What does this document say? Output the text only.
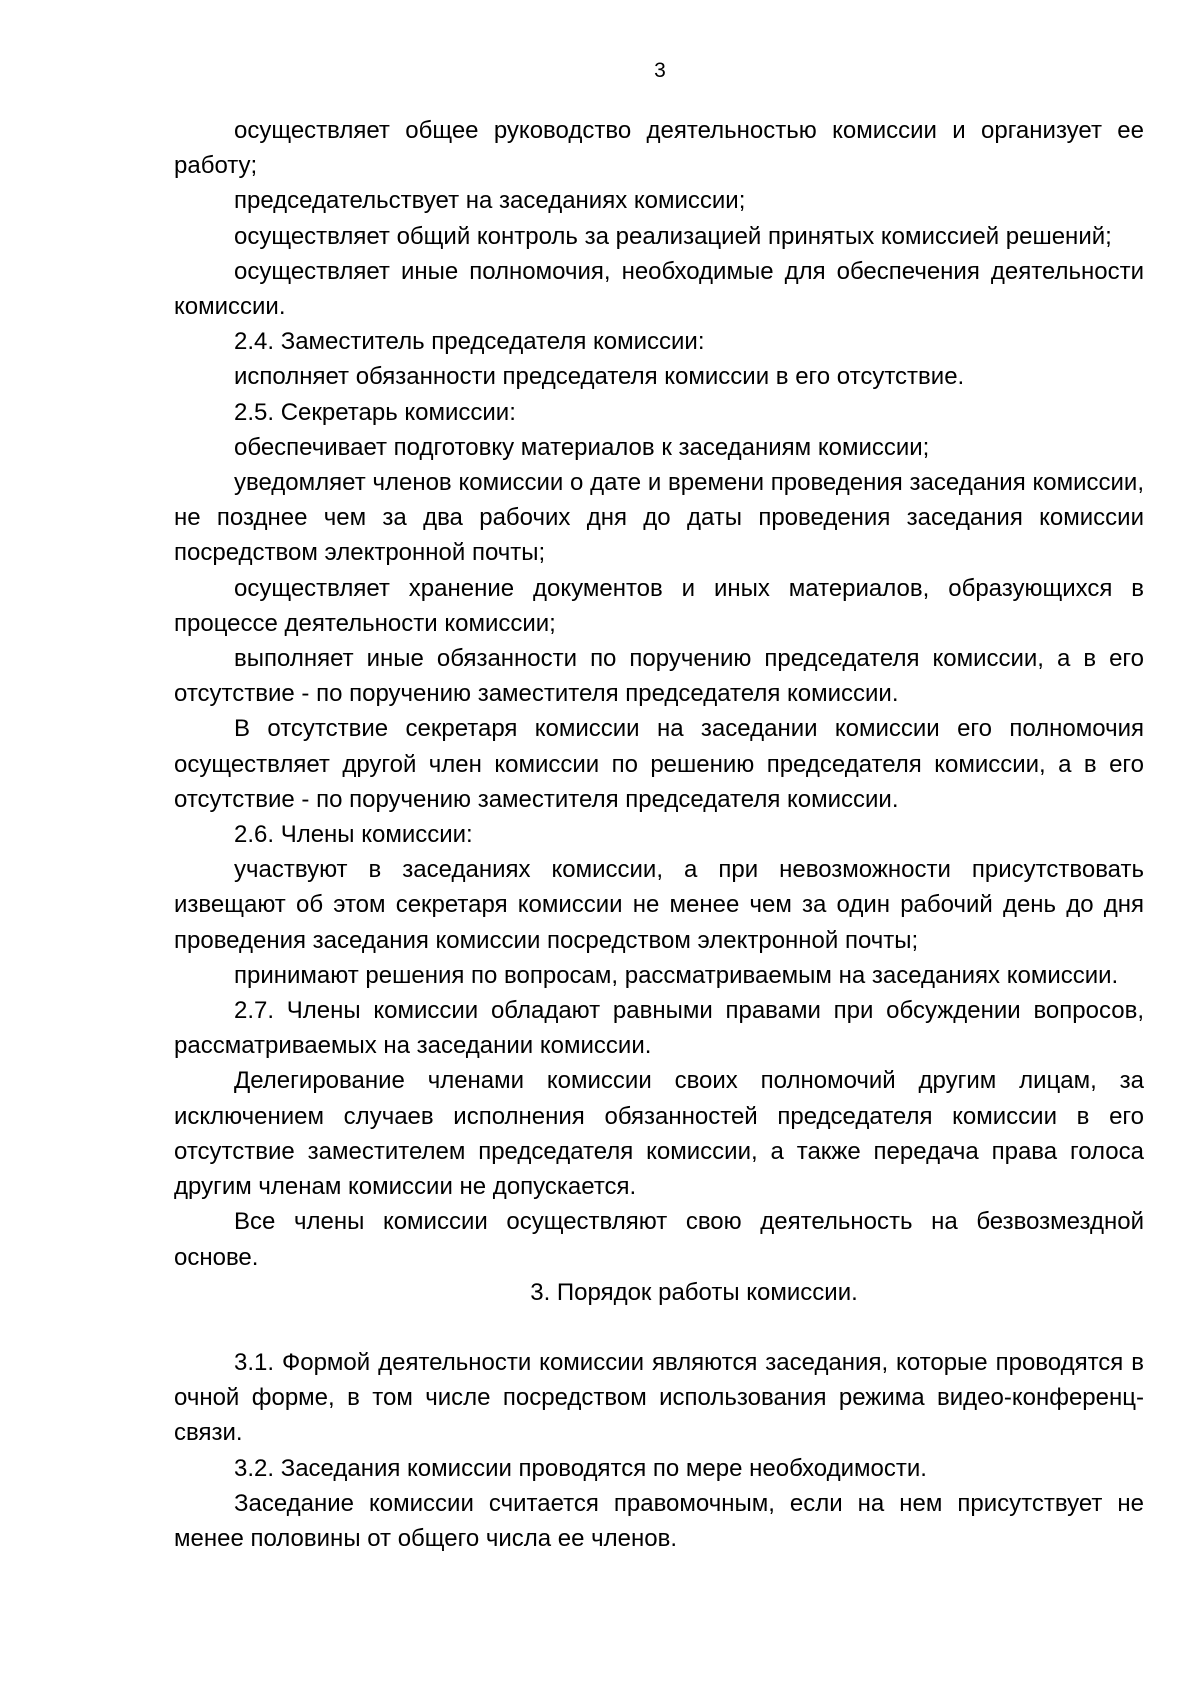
3

осуществляет общее руководство деятельностью комиссии и организует ее работу;

председательствует на заседаниях комиссии;

осуществляет общий контроль за реализацией принятых комиссией решений;

осуществляет иные полномочия, необходимые для обеспечения деятельности комиссии.

2.4. Заместитель председателя комиссии:

исполняет обязанности председателя комиссии в его отсутствие.

2.5. Секретарь комиссии:

обеспечивает подготовку материалов к заседаниям комиссии;

уведомляет членов комиссии о дате и времени проведения заседания комиссии, не позднее чем за два рабочих дня до даты проведения заседания комиссии посредством электронной почты;

осуществляет хранение документов и иных материалов, образующихся в процессе деятельности комиссии;

выполняет иные обязанности по поручению председателя комиссии, а в его отсутствие - по поручению заместителя председателя комиссии.

В отсутствие секретаря комиссии на заседании комиссии его полномочия осуществляет другой член комиссии по решению председателя комиссии, а в его отсутствие - по поручению заместителя председателя комиссии.

2.6. Члены комиссии:

участвуют в заседаниях комиссии, а при невозможности присутствовать извещают об этом секретаря комиссии не менее чем за один рабочий день до дня проведения заседания комиссии посредством электронной почты;

принимают решения по вопросам, рассматриваемым на заседаниях комиссии.

2.7. Члены комиссии обладают равными правами при обсуждении вопросов, рассматриваемых на заседании комиссии.

Делегирование членами комиссии своих полномочий другим лицам, за исключением случаев исполнения обязанностей председателя комиссии в его отсутствие заместителем председателя комиссии, а также передача права голоса другим членам комиссии не допускается.

Все члены комиссии осуществляют свою деятельность на безвозмездной основе.

3. Порядок работы комиссии.

3.1. Формой деятельности комиссии являются заседания, которые проводятся в очной форме, в том числе посредством использования режима видео-конференц-связи.

3.2. Заседания комиссии проводятся по мере необходимости.

Заседание комиссии считается правомочным, если на нем присутствует не менее половины от общего числа ее членов.
